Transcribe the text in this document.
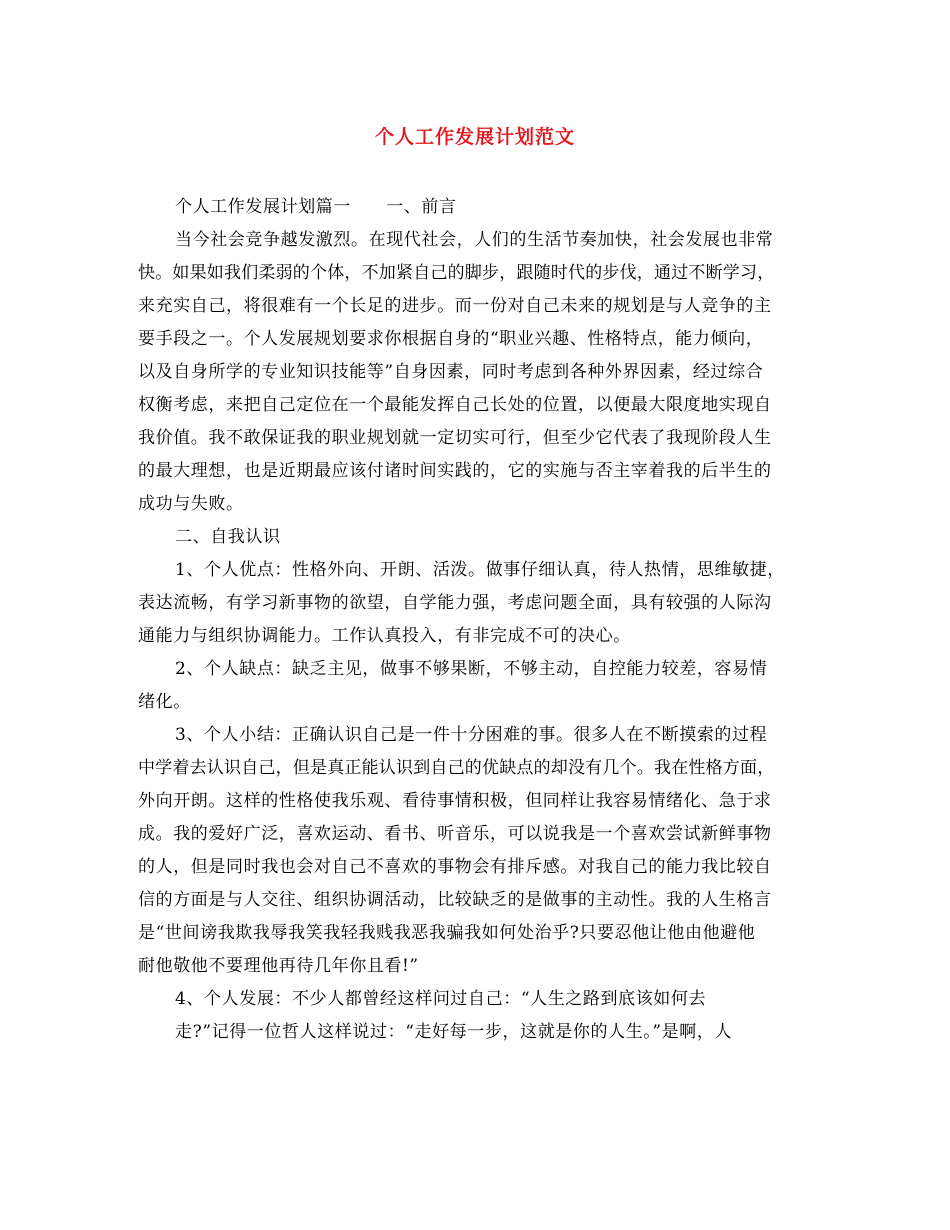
个人工作发展计划范文
个人工作发展计划篇一　　一、前言
当今社会竞争越发激烈。在现代社会，人们的生活节奏加快，社会发展也非常
快。如果如我们柔弱的个体，不加紧自己的脚步，跟随时代的步伐，通过不断学习，
来充实自己，将很难有一个长足的进步。而一份对自己未来的规划是与人竞争的主
要手段之一。个人发展规划要求你根据自身的“职业兴趣、性格特点，能力倾向，
以及自身所学的专业知识技能等”自身因素，同时考虑到各种外界因素，经过综合
权衡考虑，来把自己定位在一个最能发挥自己长处的位置，以便最大限度地实现自
我价值。我不敢保证我的职业规划就一定切实可行，但至少它代表了我现阶段人生
的最大理想，也是近期最应该付诸时间实践的，它的实施与否主宰着我的后半生的
成功与失败。
二、自我认识
1、个人优点：性格外向、开朗、活泼。做事仔细认真，待人热情，思维敏捷，
表达流畅，有学习新事物的欲望，自学能力强，考虑问题全面，具有较强的人际沟
通能力与组织协调能力。工作认真投入，有非完成不可的决心。
2、个人缺点：缺乏主见，做事不够果断，不够主动，自控能力较差，容易情
绪化。
3、个人小结：正确认识自己是一件十分困难的事。很多人在不断摸索的过程
中学着去认识自己，但是真正能认识到自己的优缺点的却没有几个。我在性格方面，
外向开朗。这样的性格使我乐观、看待事情积极，但同样让我容易情绪化、急于求
成。我的爱好广泛，喜欢运动、看书、听音乐，可以说我是一个喜欢尝试新鲜事物
的人，但是同时我也会对自己不喜欢的事物会有排斥感。对我自己的能力我比较自
信的方面是与人交往、组织协调活动，比较缺乏的是做事的主动性。我的人生格言
是“世间谤我欺我辱我笑我轻我贱我恶我骗我如何处治乎?只要忍他让他由他避他
耐他敬他不要理他再待几年你且看!”
4、个人发展：不少人都曾经这样问过自己：“人生之路到底该如何去
走?”记得一位哲人这样说过：“走好每一步，这就是你的人生。”是啊，人
